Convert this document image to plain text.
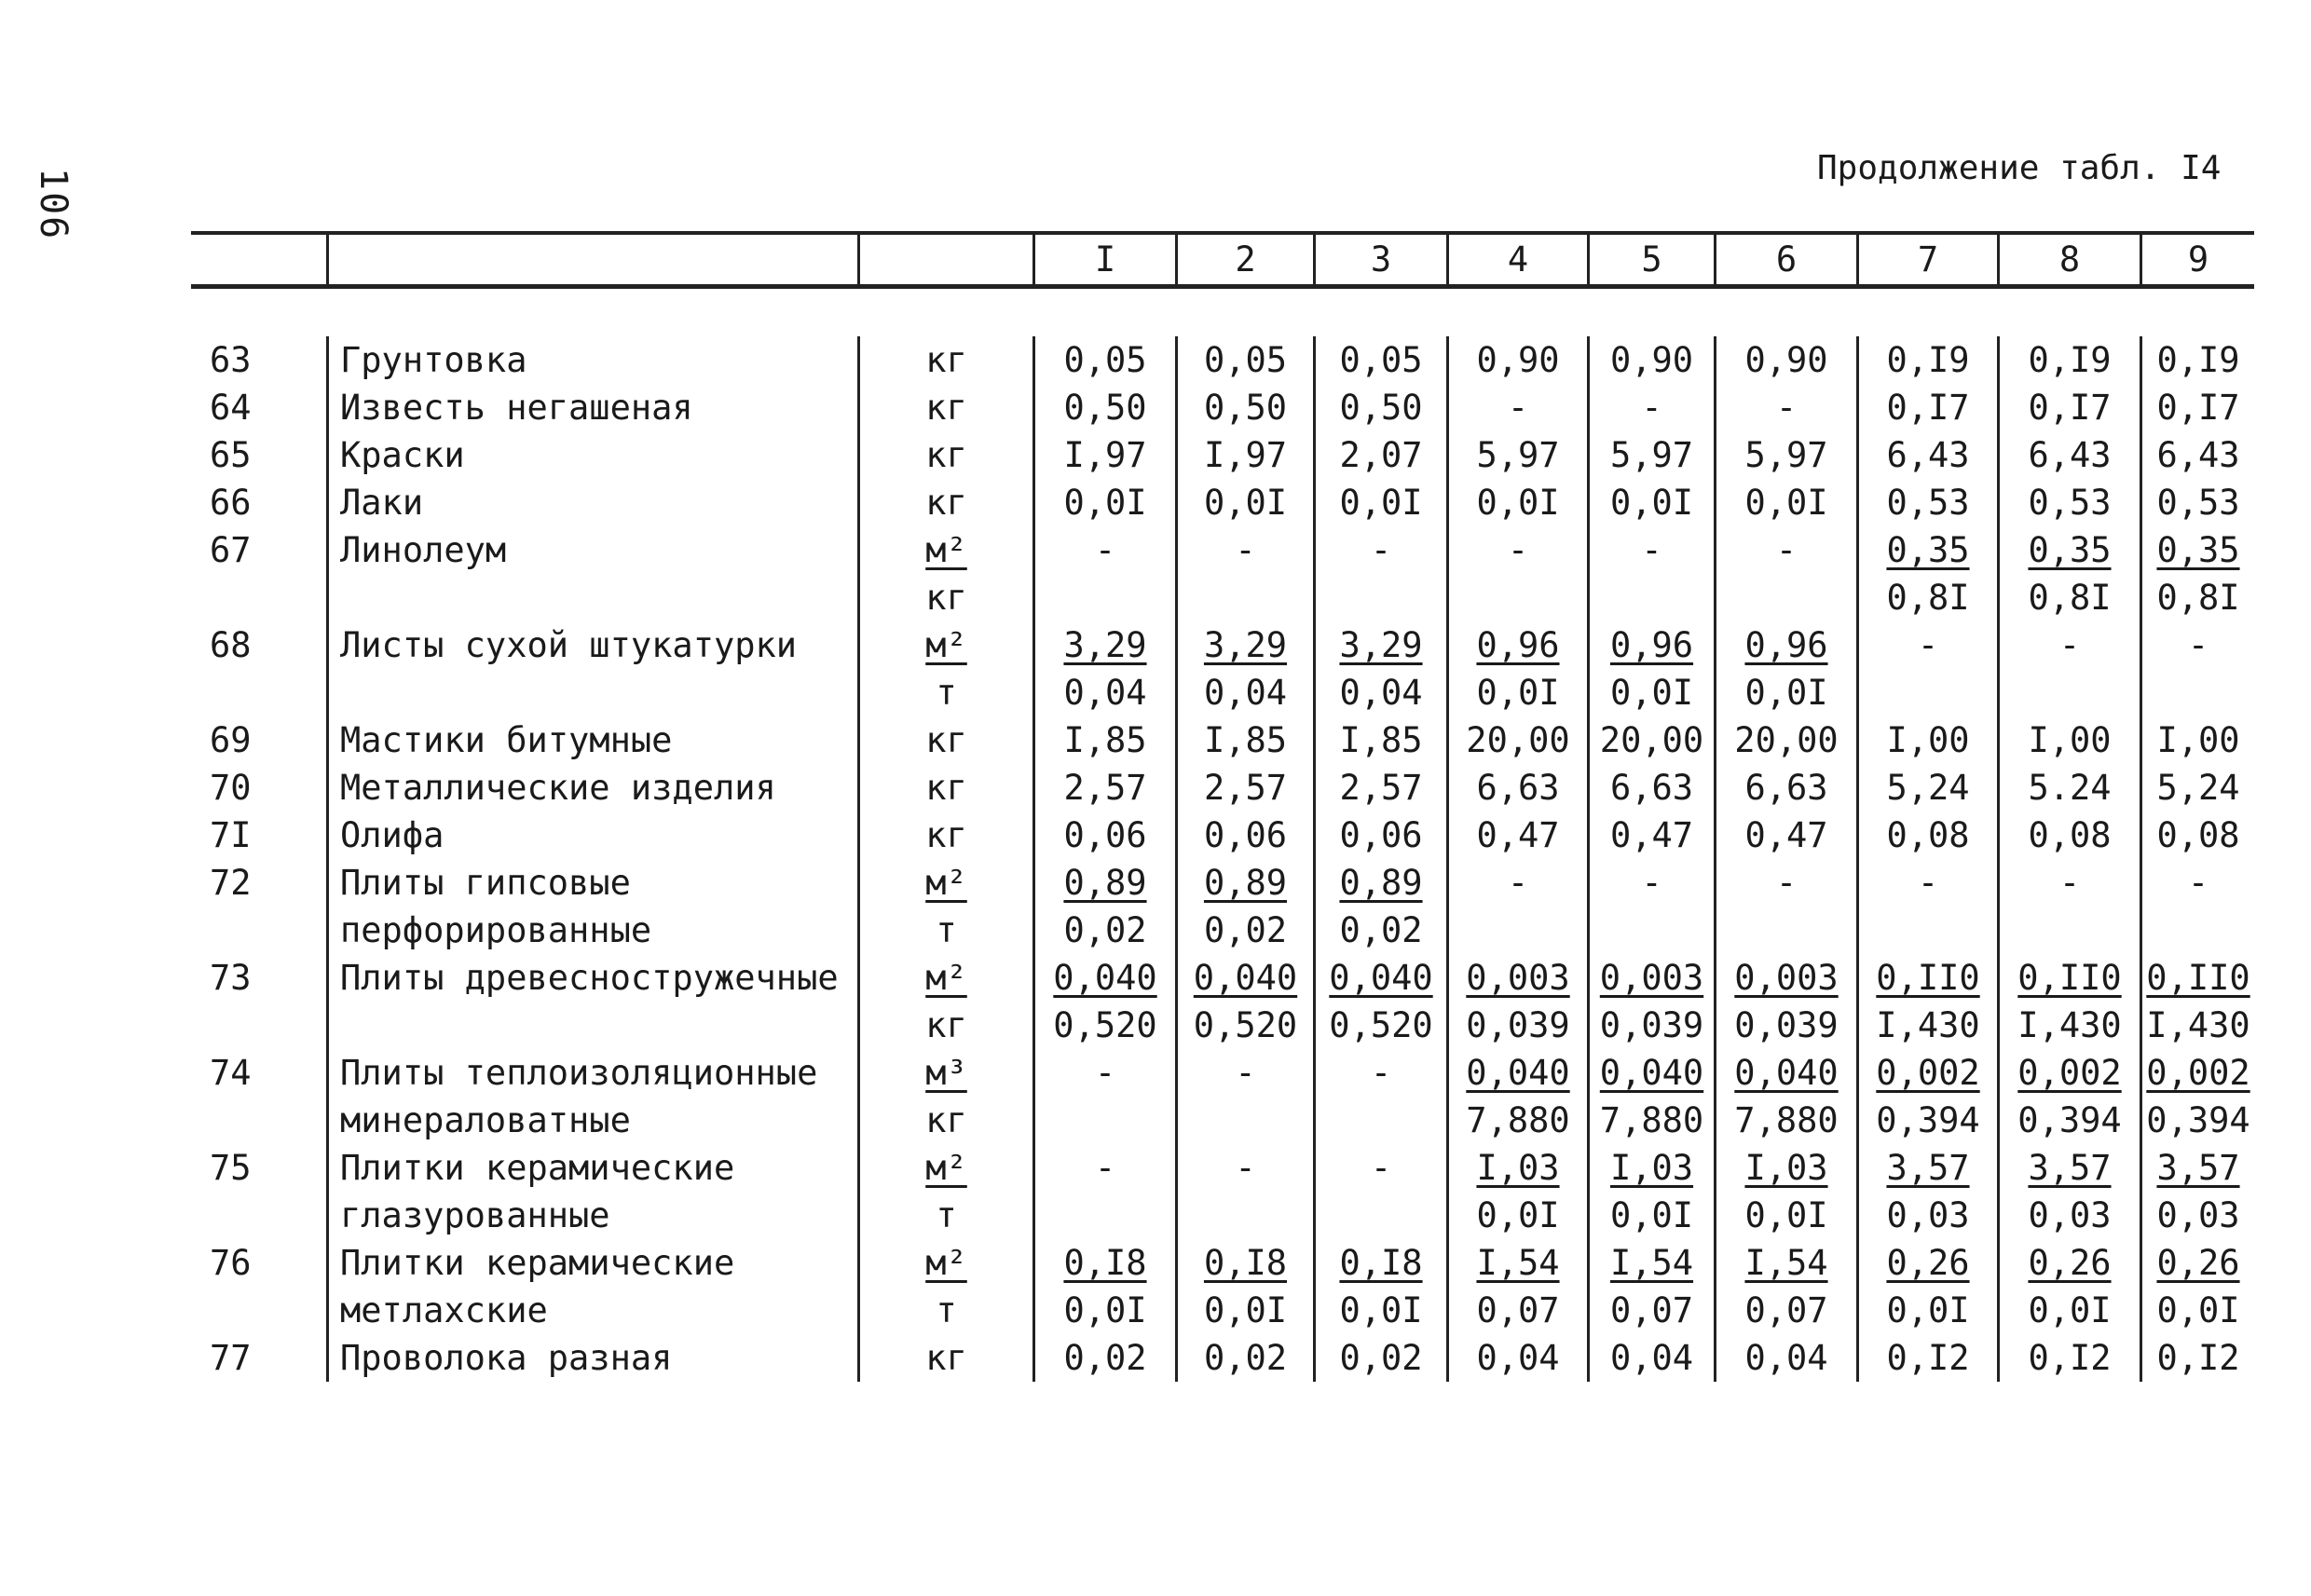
106	Продолжение табл. I4
			I	2	3	4	5	6	7	8	9

63	Грунтовка	кг	0,05	0,05	0,05	0,90	0,90	0,90	0,I9	0,I9	0,I9
64	Известь негашеная	кг	0,50	0,50	0,50	-	-	-	0,I7	0,I7	0,I7
65	Краски	кг	I,97	I,97	2,07	5,97	5,97	5,97	6,43	6,43	6,43
66	Лаки	кг	0,0I	0,0I	0,0I	0,0I	0,0I	0,0I	0,53	0,53	0,53
67	Линолеум	м²	-	-	-	-	-	-	0,35	0,35	0,35
		кг							0,8I	0,8I	0,8I
68	Листы сухой штукатурки	м²	3,29	3,29	3,29	0,96	0,96	0,96	-	-	-
		т	0,04	0,04	0,04	0,0I	0,0I	0,0I			
69	Мастики битумные	кг	I,85	I,85	I,85	20,00	20,00	20,00	I,00	I,00	I,00
70	Металлические изделия	кг	2,57	2,57	2,57	6,63	6,63	6,63	5,24	5.24	5,24
7I	Олифа	кг	0,06	0,06	0,06	0,47	0,47	0,47	0,08	0,08	0,08
72	Плиты гипсовые	м²	0,89	0,89	0,89	-	-	-	-	-	-
	перфорированные	т	0,02	0,02	0,02						
73	Плиты древесностружечные	м²	0,040	0,040	0,040	0,003	0,003	0,003	0,II0	0,II0	0,II0
		кг	0,520	0,520	0,520	0,039	0,039	0,039	I,430	I,430	I,430
74	Плиты теплоизоляционные	м³	-	-	-	0,040	0,040	0,040	0,002	0,002	0,002
	минераловатные	кг				7,880	7,880	7,880	0,394	0,394	0,394
75	Плитки керамические	м²	-	-	-	I,03	I,03	I,03	3,57	3,57	3,57
	глазурованные	т				0,0I	0,0I	0,0I	0,03	0,03	0,03
76	Плитки керамические	м²	0,I8	0,I8	0,I8	I,54	I,54	I,54	0,26	0,26	0,26
	метлахские	т	0,0I	0,0I	0,0I	0,07	0,07	0,07	0,0I	0,0I	0,0I
77	Проволока разная	кг	0,02	0,02	0,02	0,04	0,04	0,04	0,I2	0,I2	0,I2
